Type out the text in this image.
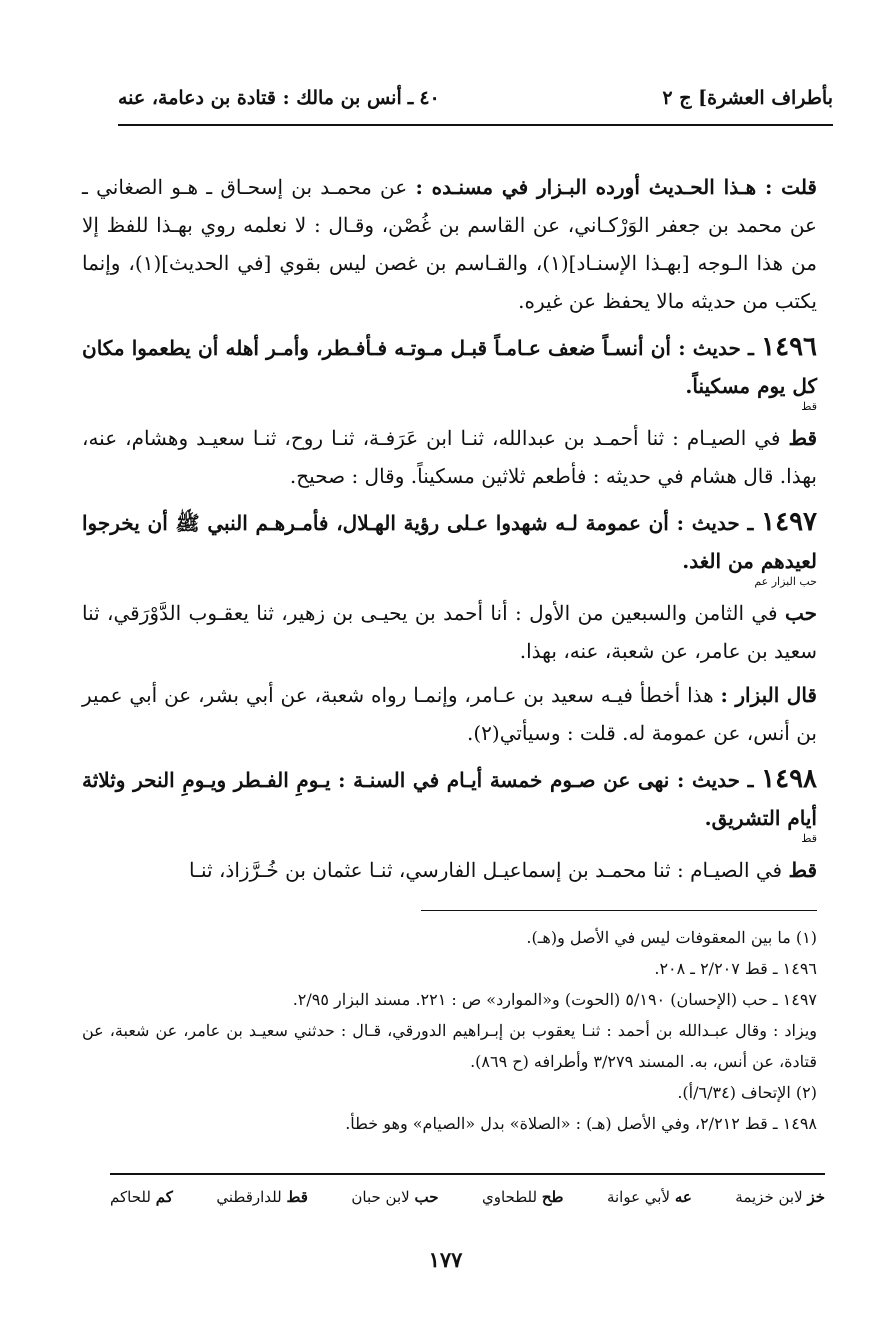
بأطراف العشرة] ج ٢
٤٠
ـ
أنس بن مالك : قتادة بن دعامة، عنه

قلت : هـذا الحـديث أورده البـزار في مسنـده : عن محمـد بن إسحـاق ـ هـو الصغاني ـ عن محمد بن جعفر الوَرْكـاني، عن القاسم بن غُصْن، وقـال : لا نعلمه روي بهـذا للفظ إلا من هذا الـوجه [بهـذا الإسنـاد](١)، والقـاسم بن غصن ليس بقوي [في الحديث](١)، وإنما يكتب من حديثه مالا يحفظ عن غيره.

١٤٩٦ ـ حديث : أن أنسـاً ضعف عـامـاً قبـل مـوتـه فـأفـطر، وأمـر أهله أن يطعموا مكان كل يوم مسكيناً.
قط

قط في الصيـام : ثنا أحمـد بن عبدالله، ثنـا ابن عَرَفـة، ثنـا روح، ثنـا سعيـد وهشام، عنه، بهذا. قال هشام في حديثه : فأطعم ثلاثين مسكيناً. وقال : صحيح.

١٤٩٧ ـ حديث : أن عمومة لـه شهدوا عـلى رؤية الهـلال، فأمـرهـم النبي ﷺ أن يخرجوا لعيدهم من الغد.
حب البزار عم

حب في الثامن والسبعين من الأول : أنا أحمد بن يحيـى بن زهير، ثنا يعقـوب الدَّوْرَقي، ثنا سعيد بن عامر، عن شعبة، عنه، بهذا.

قال البزار : هذا أخطأ فيـه سعيد بن عـامر، وإنمـا رواه شعبة، عن أبي بشر، عن أبي عمير بن أنس، عن عمومة له. قلت : وسيأتي(٢).

١٤٩٨ ـ حديث : نهى عن صـوم خمسة أيـام في السنـة : يـومِ الفـطر ويـومِ النحر وثلاثة أيام التشريق.
قط

قط في الصيـام : ثنا محمـد بن إسماعيـل الفارسي، ثنـا عثمان بن خُـرَّزاذ، ثنـا

(١) ما بين المعقوفات ليس في الأصل و(هـ).

١٤٩٦ ـ قط ٢/٢٠٧ ـ ٢٠٨.

١٤٩٧ ـ حب (الإحسان) ٥/١٩٠ (الحوت) و«الموارد» ص : ٢٢١. مسند البزار ٢/٩٥.

ويزاد : وقال عبـدالله بن أحمد : ثنـا يعقوب بن إبـراهيم الدورقي، قـال : حدثني سعيـد بن عامر، عن شعبة، عن قتادة، عن أنس، به. المسند ٣/٢٧٩ وأطرافه (ح ٨٦٩).

(٢) الإتحاف (٦/٣٤/أ).

١٤٩٨ ـ قط ٢/٢١٢، وفي الأصل (هـ) : «الصلاة» بدل «الصيام» وهو خطأ.

خز لابن خزيمة
عه لأبي عوانة
طح للطحاوي
حب لابن حبان
قط للدارقطني
كم للحاكم
١٧٧
